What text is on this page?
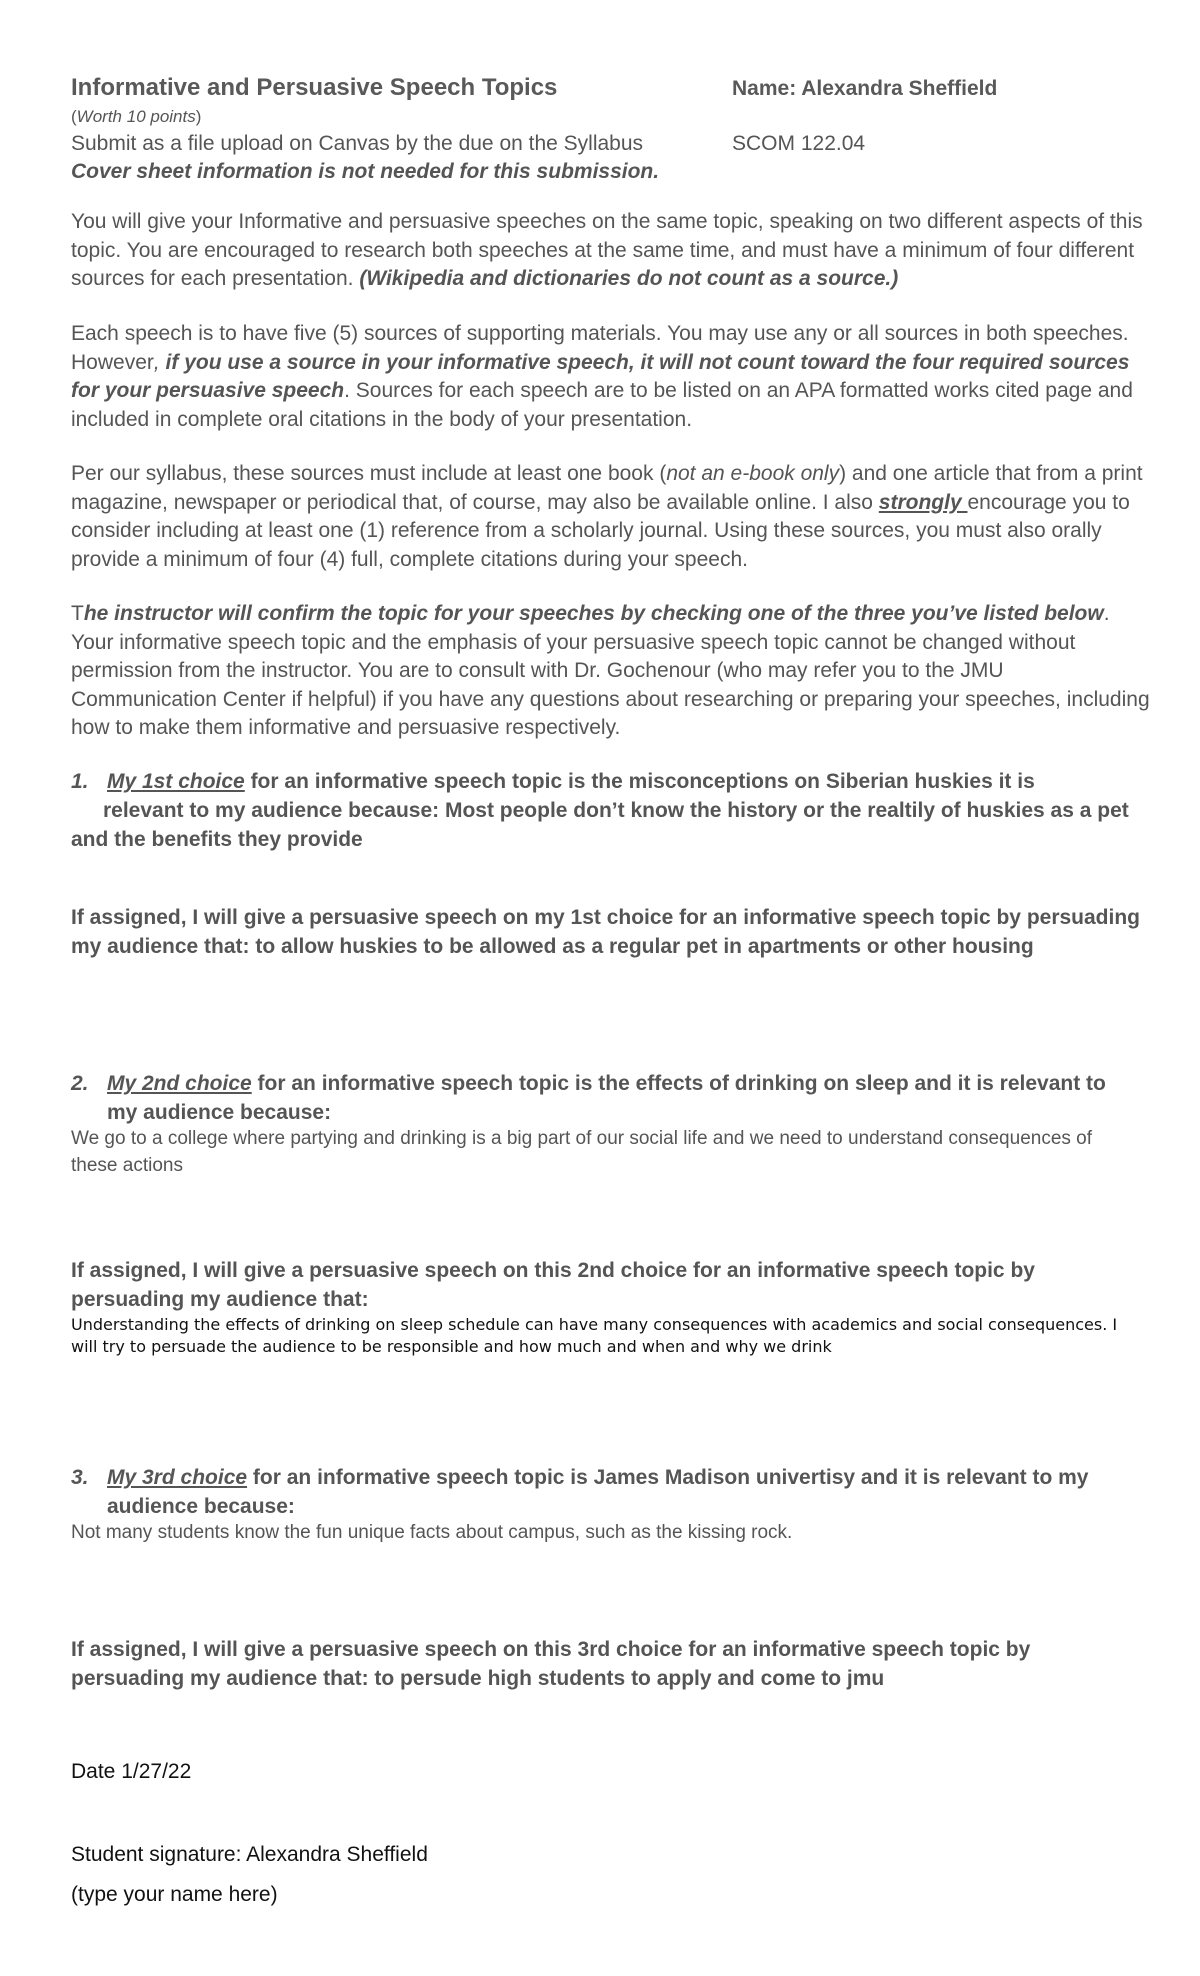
Informative and Persuasive Speech Topics	Name: Alexandra Sheffield
(Worth 10 points)
Submit as a file upload on Canvas by the due on the Syllabus	SCOM 122.04
Cover sheet information is not needed for this submission.

You will give your Informative and persuasive speeches on the same topic, speaking on two different aspects of this topic. You are encouraged to research both speeches at the same time, and must have a minimum of four different sources for each presentation. (Wikipedia and dictionaries do not count as a source.)

Each speech is to have five (5) sources of supporting materials. You may use any or all sources in both speeches. However, if you use a source in your informative speech, it will not count toward the four required sources for your persuasive speech. Sources for each speech are to be listed on an APA formatted works cited page and included in complete oral citations in the body of your presentation.

Per our syllabus, these sources must include at least one book (not an e-book only) and one article that from a print magazine, newspaper or periodical that, of course, may also be available online. I also strongly encourage you to consider including at least one (1) reference from a scholarly journal. Using these sources, you must also orally provide a minimum of four (4) full, complete citations during your speech.

The instructor will confirm the topic for your speeches by checking one of the three you’ve listed below. Your informative speech topic and the emphasis of your persuasive speech topic cannot be changed without permission from the instructor. You are to consult with Dr. Gochenour (who may refer you to the JMU Communication Center if helpful) if you have any questions about researching or preparing your speeches, including how to make them informative and persuasive respectively.

1. My 1st choice for an informative speech topic is the misconceptions on Siberian huskies it is
relevant to my audience because: Most people don’t know the history or the realtily of huskies as a pet
and the benefits they provide
If assigned, I will give a persuasive speech on my 1st choice for an informative speech topic by persuading my audience that: to allow huskies to be allowed as a regular pet in apartments or other housing
2. My 2nd choice for an informative speech topic is the effects of drinking on sleep and it is relevant to my audience because:
We go to a college where partying and drinking is a big part of our social life and we need to understand consequences of these actions
If assigned, I will give a persuasive speech on this 2nd choice for an informative speech topic by persuading my audience that:
Understanding the effects of drinking on sleep schedule can have many consequences with academics and social consequences. I will try to persuade the audience to be responsible and how much and when and why we drink
3. My 3rd choice for an informative speech topic is James Madison univertisy and it is relevant to my audience because:
Not many students know the fun unique facts about campus, such as the kissing rock.
If assigned, I will give a persuasive speech on this 3rd choice for an informative speech topic by persuading my audience that: to persude high students to apply and come to jmu
Date 1/27/22
Student signature: Alexandra Sheffield
(type your name here)
